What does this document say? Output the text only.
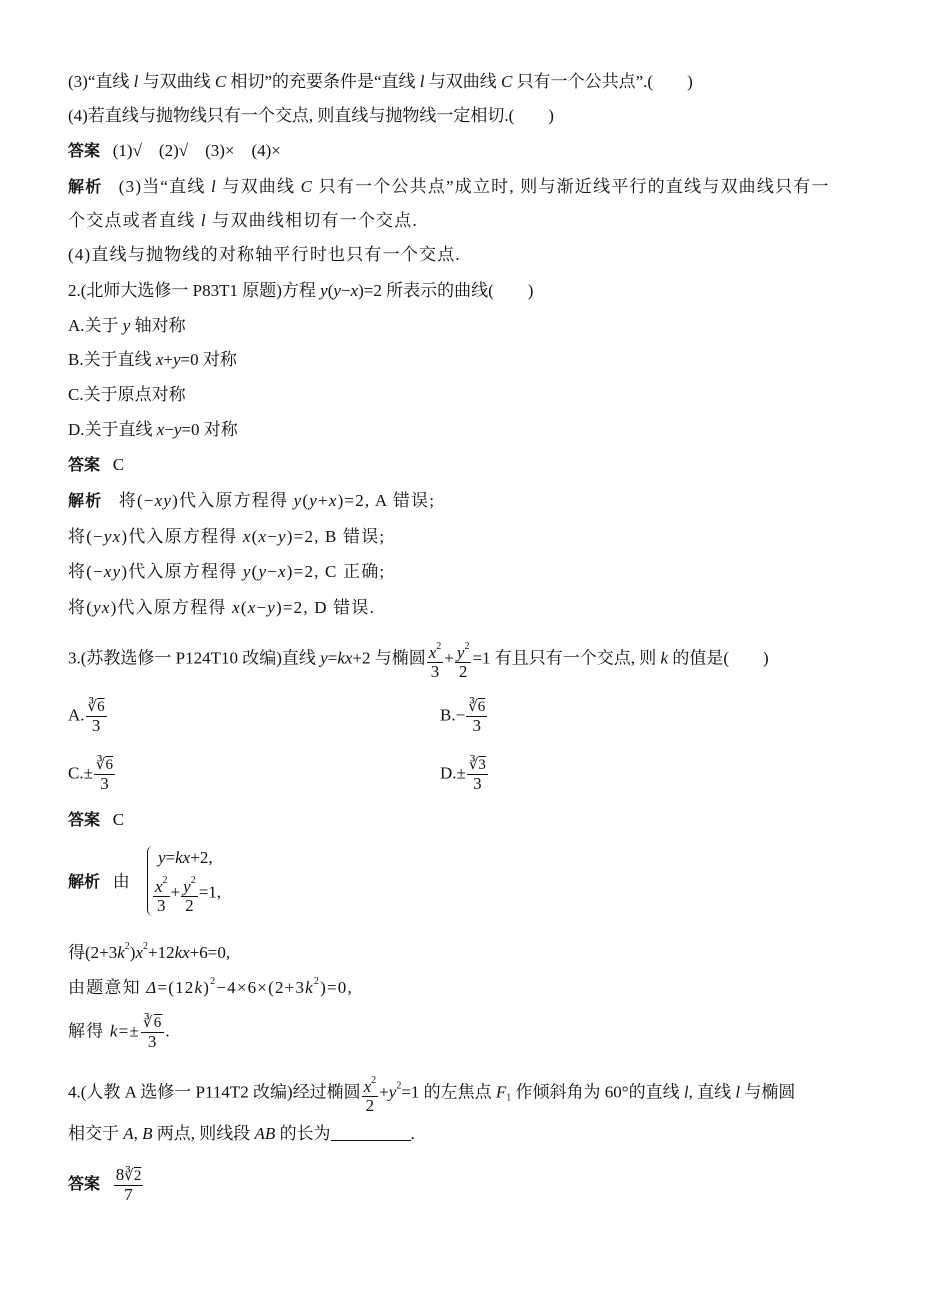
(3)“直线 l 与双曲线 C 相切”的充要条件是“直线 l 与双曲线 C 只有一个公共点”.(　　)
(4)若直线与抛物线只有一个交点, 则直线与抛物线一定相切.(　　)
答案 (1)√　(2)√　(3)×　(4)×
解析 (3)当“直线 l 与双曲线 C 只有一个公共点”成立时, 则与渐近线平行的直线与双曲线只有一
个交点或者直线 l 与双曲线相切有一个交点.
(4)直线与抛物线的对称轴平行时也只有一个交点.
2.(北师大选修一 P83T1 原题)方程 y(y−x)=2 所表示的曲线(　　)
A.关于 y 轴对称
B.关于直线 x+y=0 对称
C.关于原点对称
D.关于直线 x−y=0 对称
答案 C
解析 将(−xy)代入原方程得 y(y+x)=2, A 错误;
将(−yx)代入原方程得 x(x−y)=2, B 错误;
将(−xy)代入原方程得 y(y−x)=2, C 正确;
将(yx)代入原方程得 x(x−y)=2, D 错误.
3.(苏教选修一 P124T10 改编)直线 y=kx+2 与椭圆 $\frac{x^2}{3} + \frac{y^2}{2} =1$ 有且只有一个交点, 则 k 的值是(　　)
A. $\frac{∛6}{3}$	$B.- \frac{∛6}{3}$
$C.\pm \frac{∛6}{3}$	$D.\pm \frac{∛3}{3}$
答案 C
解析 由
y=kx+2,
$\frac{x^2}{3} + \frac{y^2}{2} =1$,
得$(2+3k^2)x^2+12kx+6=0$,
由题意知 $\Delta=(12k)^2-4\times 6\times(2+3k^2)=0$,
解得 $k=\pm \frac{∛6}{3}$ .
4.(人教 A 选修一 P114T2 改编)经过椭圆 $\frac{x^2}{2} +y^2=1$ 的左焦点 F1 作倾斜角为 60°的直线 l, 直线 l 与椭圆
相交于 A, B 两点, 则线段 AB 的长为	.
答案 $\frac{8∛2}{7}$
